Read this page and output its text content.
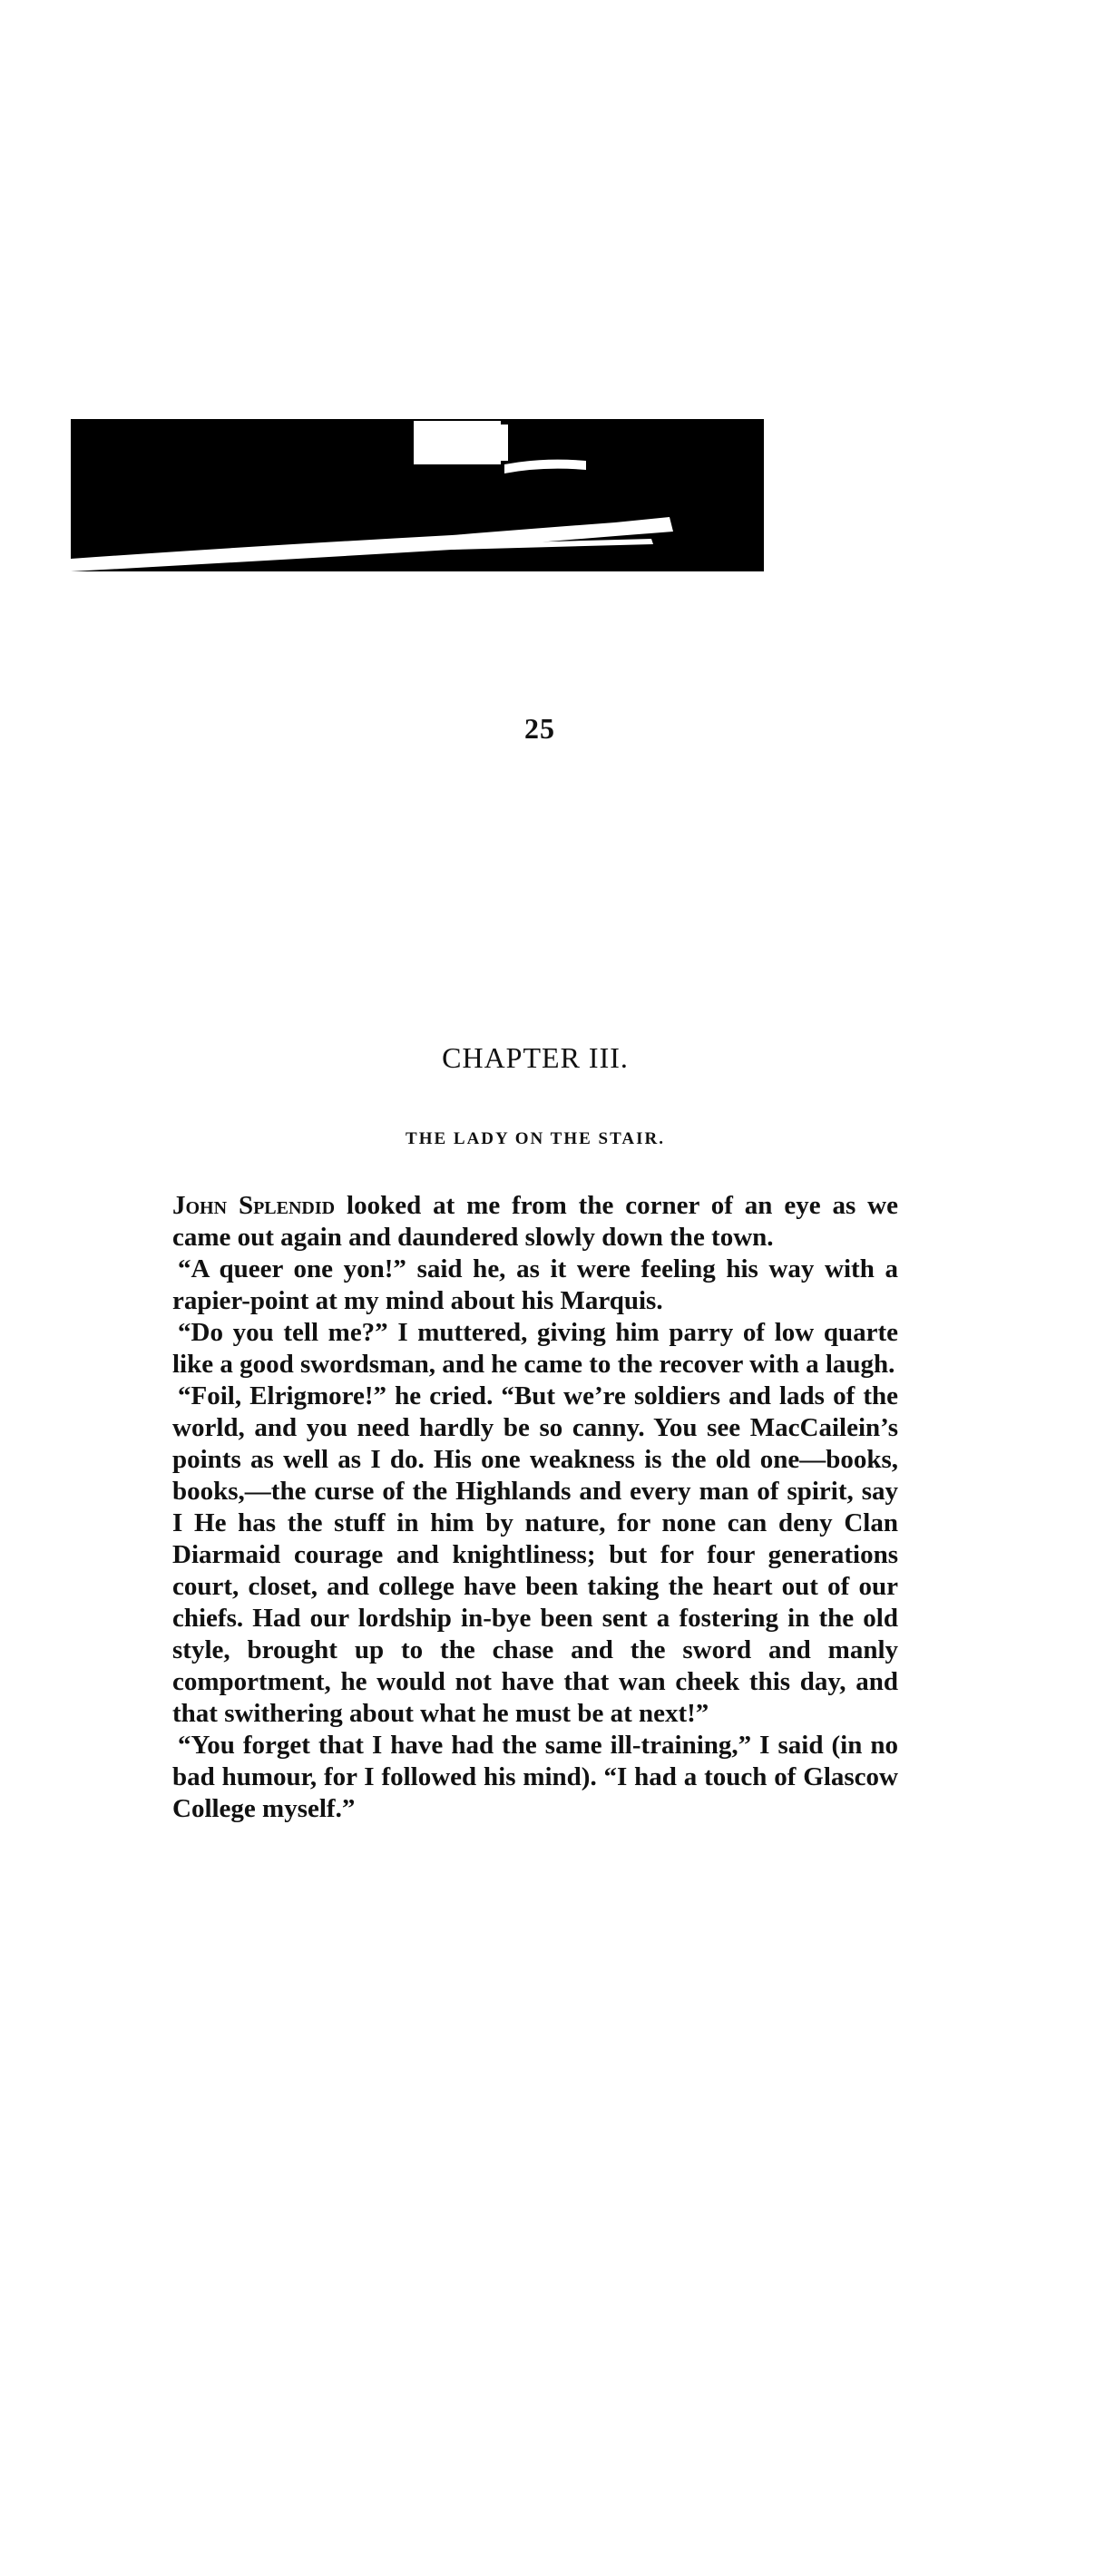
25
CHAPTER III.
THE LADY ON THE STAIR.

John Splendid looked at me from the corner of an eye as we came out again and daundered slowly down the town.

“A queer one yon!” said he, as it were feeling his way with a rapier-point at my mind about his Marquis.

“Do you tell me?” I muttered, giving him parry of low quarte like a good swordsman, and he came to the recover with a laugh.

“Foil, Elrigmore!” he cried. “But we’re soldiers and lads of the world, and you need hardly be so canny. You see MacCailein’s points as well as I do. His one weakness is the old one—books, books,—the curse of the Highlands and every man of spirit, say I He has the stuff in him by nature, for none can deny Clan Diarmaid courage and knightliness; but for four generations court, closet, and college have been taking the heart out of our chiefs. Had our lordship in-bye been sent a fostering in the old style, brought up to the chase and the sword and manly comportment, he would not have that wan cheek this day, and that swithering about what he must be at next!”

“You forget that I have had the same ill-training,” I said (in no bad humour, for I followed his mind). “I had a touch of Glascow College myself.”
